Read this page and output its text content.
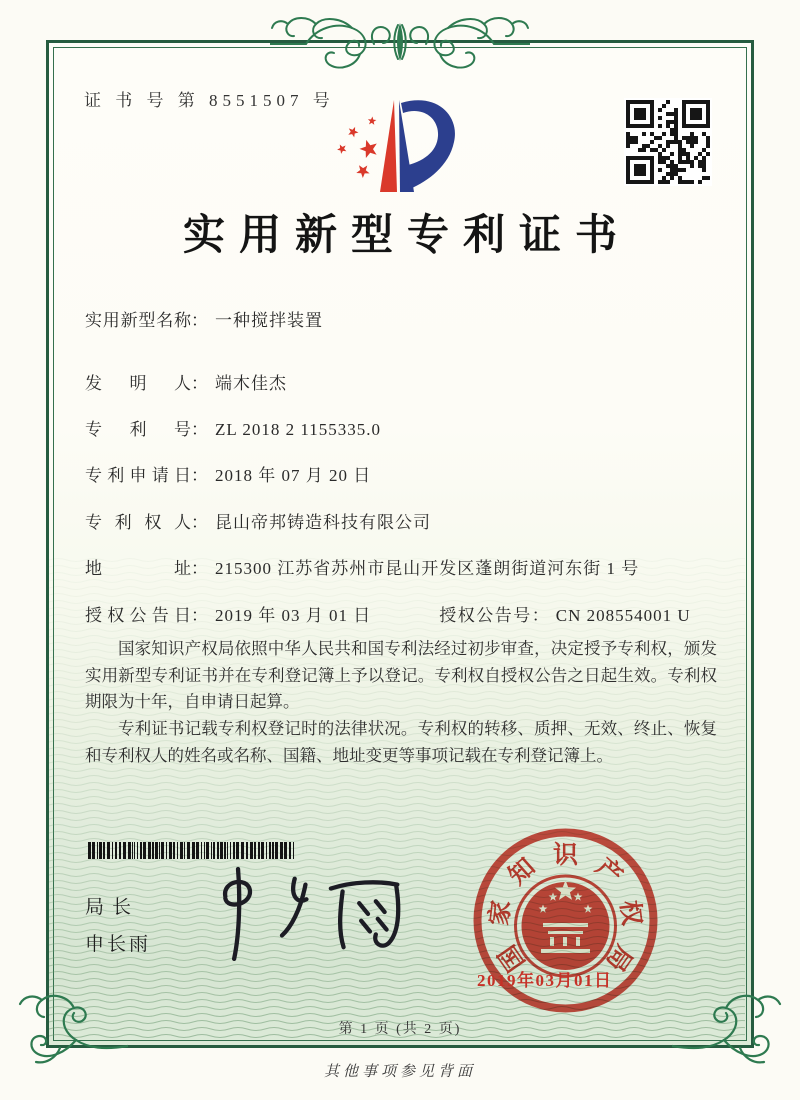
证 书 号 第 8551507 号
实用新型专利证书
实用新型名称： 一种搅拌装置
发明人： 端木佳杰
专利号： ZL 2018 2 1155335.0
专利申请日： 2018 年 07 月 20 日
专利权人： 昆山帝邦铸造科技有限公司
地址： 215300 江苏省苏州市昆山开发区蓬朗街道河东街 1 号
授权公告日： 2019 年 03 月 01 日	授权公告号： CN 208554001 U

国家知识产权局依照中华人民共和国专利法经过初步审查，决定授予专利权，颁发实用新型专利证书并在专利登记簿上予以登记。专利权自授权公告之日起生效。专利权期限为十年，自申请日起算。

专利证书记载专利权登记时的法律状况。专利权的转移、质押、无效、终止、恢复和专利权人的姓名或名称、国籍、地址变更等事项记载在专利登记簿上。

局长
申长雨	国
家
知 识 产
权
局
2019年03月01日
第 1 页 (共 2 页)
其他事项参见背面
